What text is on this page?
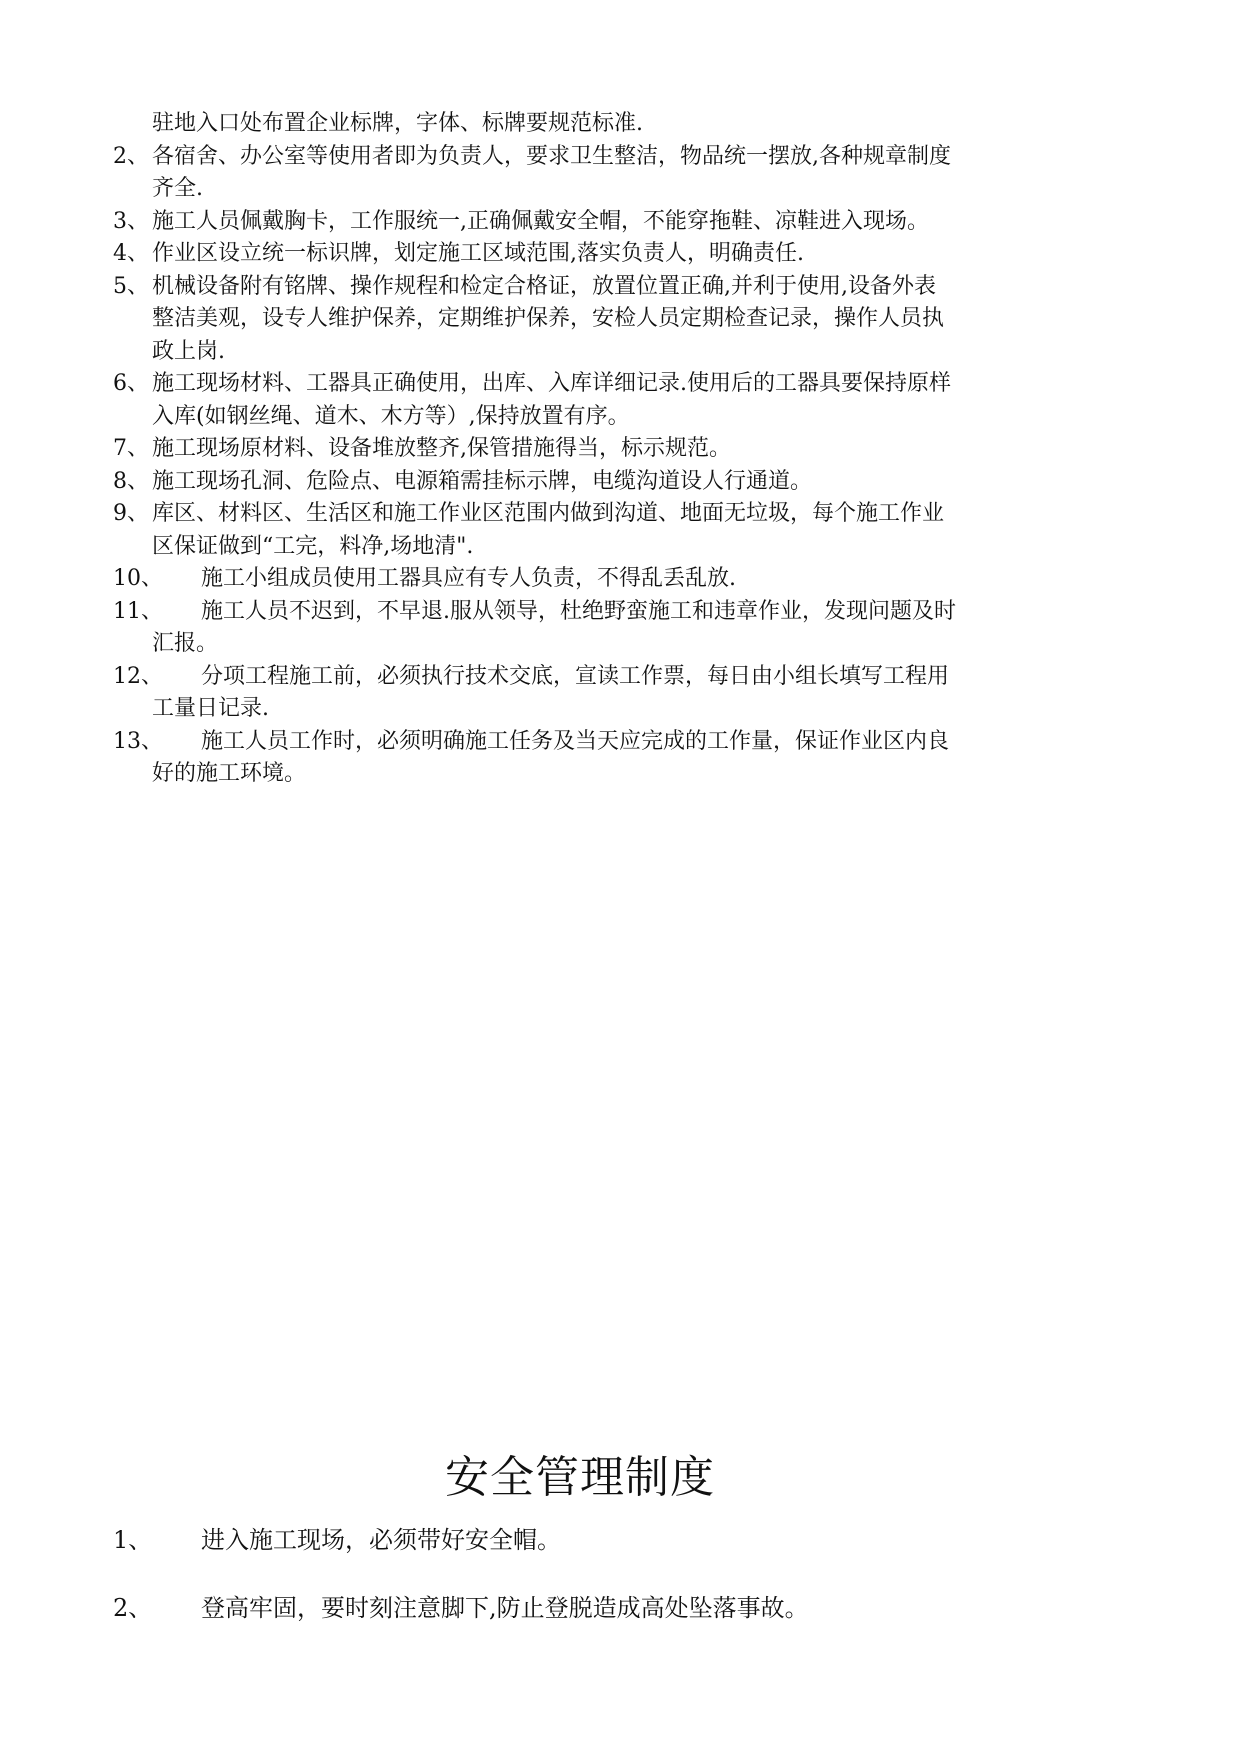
驻地入口处布置企业标牌，字体、标牌要规范标准.
2、 各宿舍、办公室等使用者即为负责人，要求卫生整洁，物品统一摆放,各种规章制度
齐全.
3、 施工人员佩戴胸卡，工作服统一,正确佩戴安全帽，不能穿拖鞋、凉鞋进入现场。
4、 作业区设立统一标识牌，划定施工区域范围,落实负责人，明确责任.
5、 机械设备附有铭牌、操作规程和检定合格证，放置位置正确,并利于使用,设备外表
整洁美观，设专人维护保养，定期维护保养，安检人员定期检查记录，操作人员执
政上岗.
6、 施工现场材料、工器具正确使用，出库、入库详细记录.使用后的工器具要保持原样
入库(如钢丝绳、道木、木方等）,保持放置有序。
7、 施工现场原材料、设备堆放整齐,保管措施得当，标示规范。
8、 施工现场孔洞、危险点、电源箱需挂标示牌，电缆沟道设人行通道。
9、 库区、材料区、生活区和施工作业区范围内做到沟道、地面无垃圾，每个施工作业
区保证做到“工完，料净,场地清".
10、 施工小组成员使用工器具应有专人负责，不得乱丢乱放.
11、 施工人员不迟到，不早退.服从领导，杜绝野蛮施工和违章作业，发现问题及时
汇报。
12、 分项工程施工前，必须执行技术交底，宣读工作票，每日由小组长填写工程用
工量日记录.
13、 施工人员工作时，必须明确施工任务及当天应完成的工作量，保证作业区内良
好的施工环境。
安全管理制度
1、 进入施工现场，必须带好安全帽。
2、 登高牢固，要时刻注意脚下,防止登脱造成高处坠落事故。
